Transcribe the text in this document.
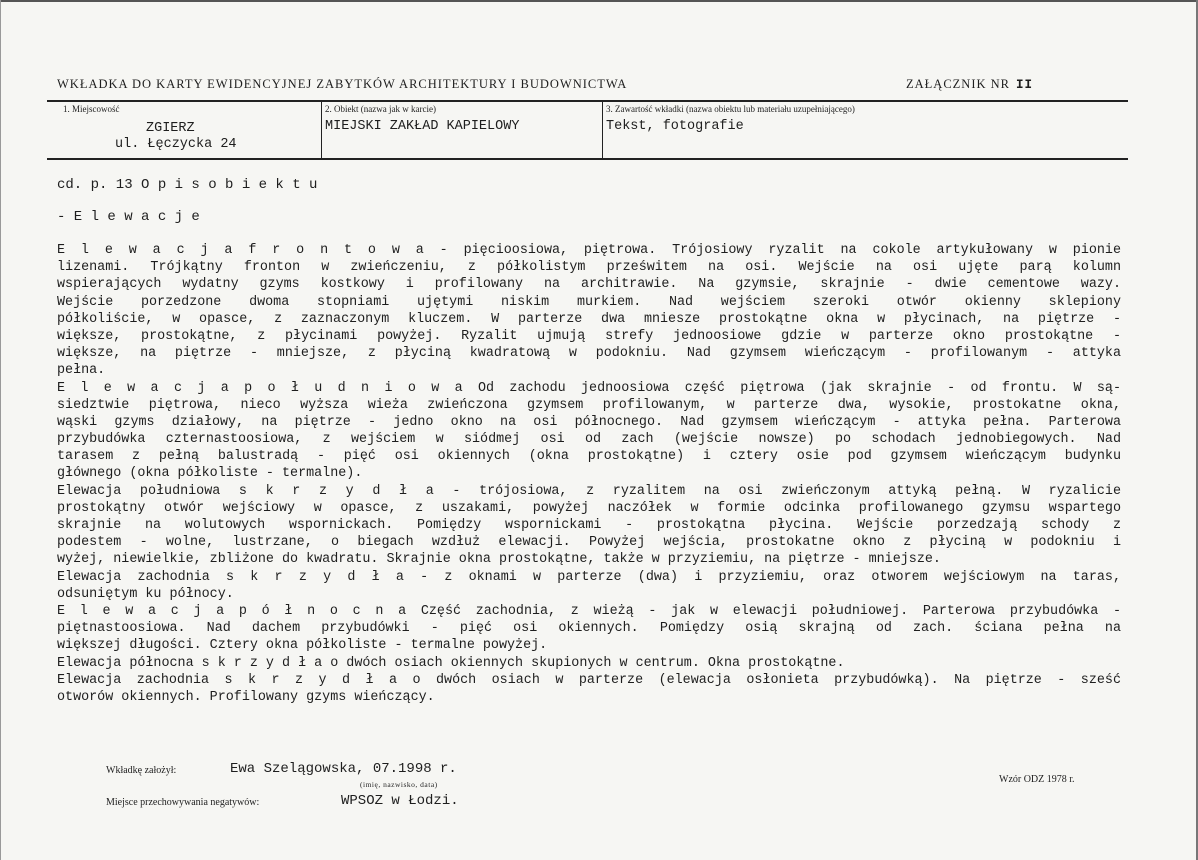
WKŁADKA DO KARTY EWIDENCYJNEJ ZABYTKÓW ARCHITEKTURY I BUDOWNICTWA	ZAŁĄCZNIK NR II
1. Miejscowość
ZGIERZ
ul. Łęczycka 24
2. Obiekt (nazwa jak w karcie)
MIEJSKI ZAKŁAD KAPIELOWY
3. Zawartość wkładki (nazwa obiektu lub materiału uzupełniającego)
Tekst, fotografie
cd. p. 13 O p i s o b i e k t u
- E l e w a c j e
E l e w a c j a f r o n t o w a - pięcioosiowa, piętrowa. Trójosiowy ryzalit na cokole artykułowany w pionie
lizenami. Trójkątny fronton w zwieńczeniu, z półkolistym prześwitem na osi. Wejście na osi ujęte parą kolumn
wspierających wydatny gzyms kostkowy i profilowany na architrawie. Na gzymsie, skrajnie - dwie cementowe wazy.
Wejście porzedzone dwoma stopniami ujętymi niskim murkiem. Nad wejściem szeroki otwór okienny sklepiony
półkoliście, w opasce, z zaznaczonym kluczem. W parterze dwa mniesze prostokątne okna w płycinach, na piętrze -
większe, prostokątne, z płycinami powyżej. Ryzalit ujmują strefy jednoosiowe gdzie w parterze okno prostokątne -
większe, na piętrze - mniejsze, z płyciną kwadratową w podokniu. Nad gzymsem wieńczącym - profilowanym - attyka
pełna.
E l e w a c j a p o ł u d n i o w a Od zachodu jednoosiowa część piętrowa (jak skrajnie - od frontu. W są-
siedztwie piętrowa, nieco wyższa wieża zwieńczona gzymsem profilowanym, w parterze dwa, wysokie, prostokatne okna,
wąski gzyms działowy, na piętrze - jedno okno na osi północnego. Nad gzymsem wieńczącym - attyka pełna. Parterowa
przybudówka czternastoosiowa, z wejściem w siódmej osi od zach (wejście nowsze) po schodach jednobiegowych. Nad
tarasem z pełną balustradą - pięć osi okiennych (okna prostokątne) i cztery osie pod gzymsem wieńczącym budynku
głównego (okna półkoliste - termalne).
Elewacja południowa s k r z y d ł a - trójosiowa, z ryzalitem na osi zwieńczonym attyką pełną. W ryzalicie
prostokątny otwór wejściowy w opasce, z uszakami, powyżej naczółek w formie odcinka profilowanego gzymsu wspartego
skrajnie na wolutowych wspornickach. Pomiędzy wspornickami - prostokątna płycina. Wejście porzedzają schody z
podestem - wolne, lustrzane, o biegach wzdłuż elewacji. Powyżej wejścia, prostokatne okno z płyciną w podokniu i
wyżej, niewielkie, zbliżone do kwadratu. Skrajnie okna prostokątne, także w przyziemiu, na piętrze - mniejsze.
Elewacja zachodnia s k r z y d ł a - z oknami w parterze (dwa) i przyziemiu, oraz otworem wejściowym na taras,
odsuniętym ku północy.
E l e w a c j a p ó ł n o c n a Część zachodnia, z wieżą - jak w elewacji południowej. Parterowa przybudówka -
piętnastoosiowa. Nad dachem przybudówki - pięć osi okiennych. Pomiędzy osią skrajną od zach. ściana pełna na
większej długości. Cztery okna półkoliste - termalne powyżej.
Elewacja północna s k r z y d ł a o dwóch osiach okiennych skupionych w centrum. Okna prostokątne.
Elewacja zachodnia s k r z y d ł a o dwóch osiach w parterze (elewacja osłonieta przybudówką). Na piętrze - sześć
otworów okiennych. Profilowany gzyms wieńczący.
Wkładkę założył:	Ewa Szelągowska, 07.1998 r.
(imię, nazwisko, data)	Wzór ODZ 1978 r.
Miejsce przechowywania negatywów:	WPSOZ w Łodzi.
